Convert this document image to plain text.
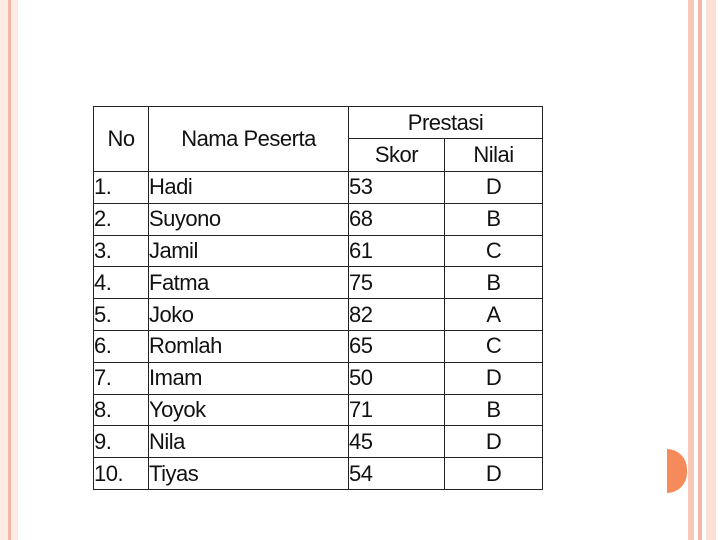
No	Nama Peserta	Prestasi	
		Skor	Nilai
1.	Hadi	53	D
2.	Suyono	68	B
3.	Jamil	61	C
4.	Fatma	75	B
5.	Joko	82	A
6.	Romlah	65	C
7.	Imam	50	D
8.	Yoyok	71	B
9.	Nila	45	D
10.	Tiyas	54	D
